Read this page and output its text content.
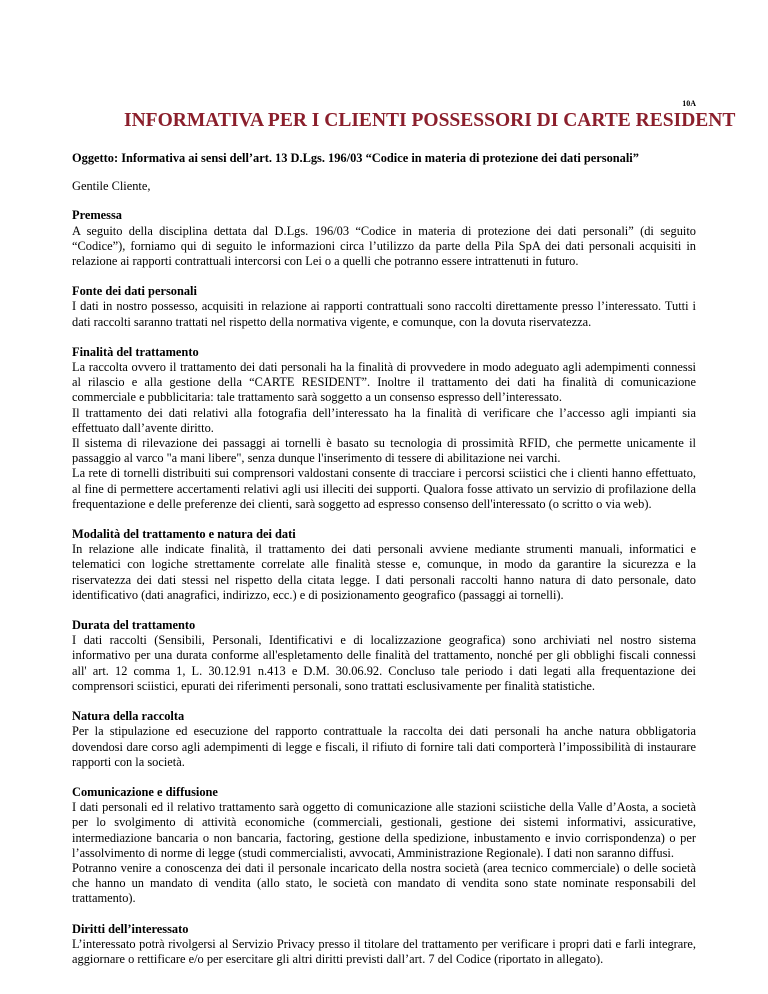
10A
INFORMATIVA PER I CLIENTI POSSESSORI DI CARTE RESIDENT

Oggetto: Informativa ai sensi dell’art. 13 D.Lgs. 196/03 “Codice in materia di protezione dei dati personali”

Gentile Cliente,

Premessa

A seguito della disciplina dettata dal D.Lgs. 196/03 “Codice in materia di protezione dei dati personali” (di seguito “Codice”), forniamo qui di seguito le informazioni circa l’utilizzo da parte della Pila SpA dei dati personali acquisiti in relazione ai rapporti contrattuali intercorsi con Lei o a quelli che potranno essere intrattenuti in futuro.

Fonte dei dati personali

I dati in nostro possesso, acquisiti in relazione ai rapporti contrattuali sono raccolti direttamente presso l’interessato. Tutti i dati raccolti saranno trattati nel rispetto della normativa vigente, e comunque, con la dovuta riservatezza.

Finalità del trattamento

La raccolta ovvero il trattamento dei dati personali ha la finalità di provvedere in modo adeguato agli adempimenti connessi al rilascio e alla gestione della “CARTE RESIDENT”. Inoltre il trattamento dei dati ha finalità di comunicazione commerciale e pubblicitaria: tale trattamento sarà soggetto a un consenso espresso dell’interessato.

Il trattamento dei dati relativi alla fotografia dell’interessato ha la finalità di verificare che l’accesso agli impianti sia effettuato dall’avente diritto.

Il sistema di rilevazione dei passaggi ai tornelli è basato su tecnologia di prossimità RFID, che permette unicamente il passaggio al varco "a mani libere", senza dunque l'inserimento di tessere di abilitazione nei varchi.

La rete di tornelli distribuiti sui comprensori valdostani consente di tracciare i percorsi sciistici che i clienti hanno effettuato, al fine di permettere accertamenti relativi agli usi illeciti dei supporti. Qualora fosse attivato un servizio di profilazione della frequentazione e delle preferenze dei clienti, sarà soggetto ad espresso consenso dell'interessato (o scritto o via web).

Modalità del trattamento e natura dei dati

In relazione alle indicate finalità, il trattamento dei dati personali avviene mediante strumenti manuali, informatici e telematici con logiche strettamente correlate alle finalità stesse e, comunque, in modo da garantire la sicurezza e la riservatezza dei dati stessi nel rispetto della citata legge. I dati personali raccolti hanno natura di dato personale, dato identificativo (dati anagrafici, indirizzo, ecc.) e di posizionamento geografico (passaggi ai tornelli).

Durata del trattamento

I dati raccolti (Sensibili, Personali, Identificativi e di localizzazione geografica) sono archiviati nel nostro sistema informativo per una durata conforme all'espletamento delle finalità del trattamento, nonché per gli obblighi fiscali connessi all' art. 12 comma 1, L. 30.12.91 n.413 e D.M. 30.06.92. Concluso tale periodo i dati legati alla frequentazione dei comprensori sciistici, epurati dei riferimenti personali, sono trattati esclusivamente per finalità statistiche.

Natura della raccolta

Per la stipulazione ed esecuzione del rapporto contrattuale la raccolta dei dati personali ha anche natura obbligatoria dovendosi dare corso agli adempimenti di legge e fiscali, il rifiuto di fornire tali dati comporterà l’impossibilità di instaurare rapporti con la società.

Comunicazione e diffusione

I dati personali ed il relativo trattamento sarà oggetto di comunicazione alle stazioni sciistiche della Valle d’Aosta, a società per lo svolgimento di attività economiche (commerciali, gestionali, gestione dei sistemi informativi, assicurative, intermediazione bancaria o non bancaria, factoring, gestione della spedizione, inbustamento e invio corrispondenza) o per l’assolvimento di norme di legge (studi commercialisti, avvocati, Amministrazione Regionale). I dati non saranno diffusi.

Potranno venire a conoscenza dei dati il personale incaricato della nostra società (area tecnico commerciale) o delle società che hanno un mandato di vendita (allo stato, le società con mandato di vendita sono state nominate responsabili del trattamento).

Diritti dell’interessato

L’interessato potrà rivolgersi al Servizio Privacy presso il titolare del trattamento per verificare i propri dati e farli integrare, aggiornare o rettificare e/o per esercitare gli altri diritti previsti dall’art. 7 del Codice (riportato in allegato).
